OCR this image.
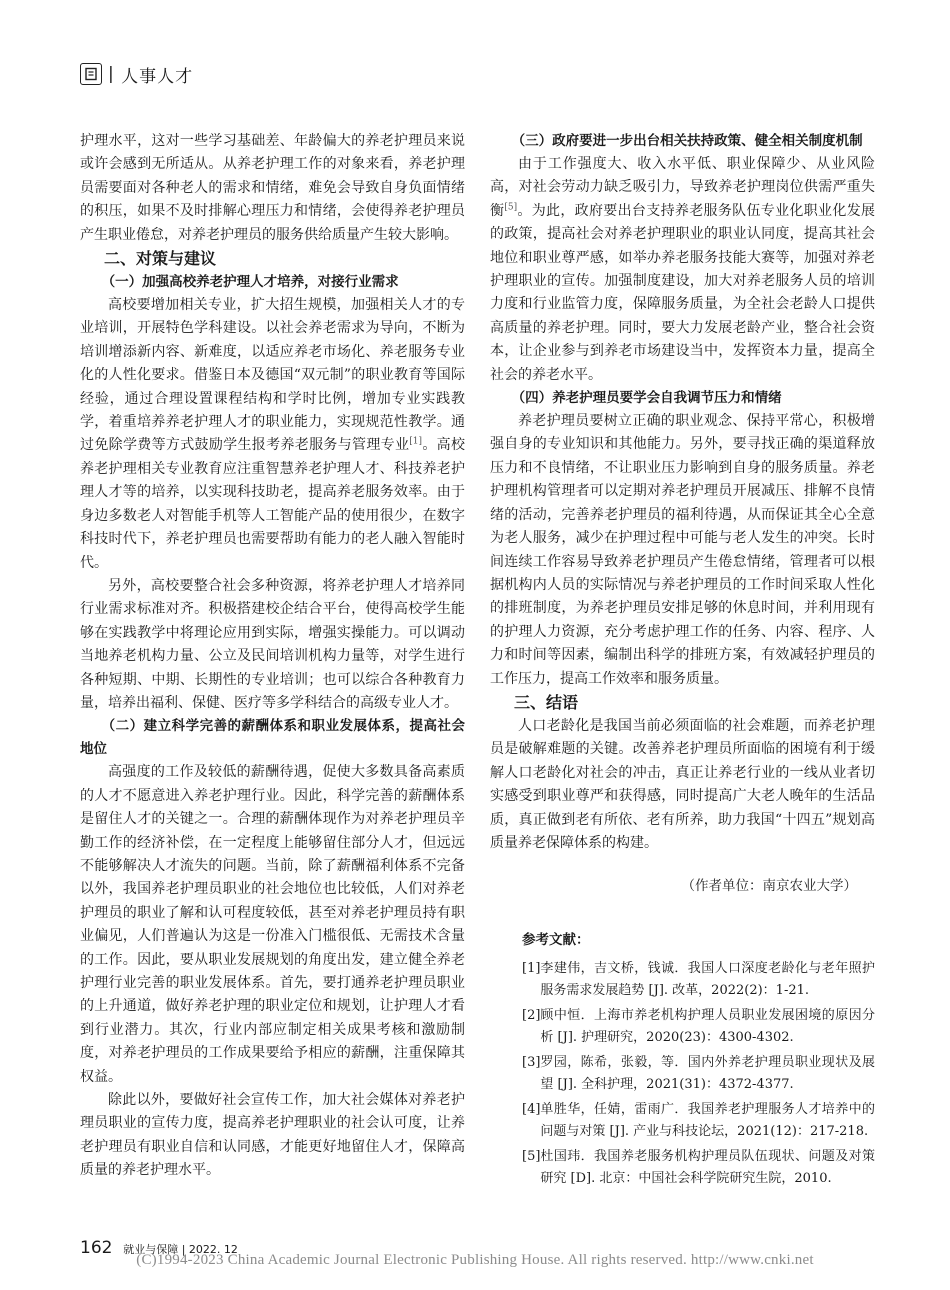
| 人事人才

护理水平，这对一些学习基础差、年龄偏大的养老护理员来说或许会感到无所适从。从养老护理工作的对象来看，养老护理员需要面对各种老人的需求和情绪，难免会导致自身负面情绪的积压，如果不及时排解心理压力和情绪，会使得养老护理员产生职业倦怠，对养老护理员的服务供给质量产生较大影响。

二、对策与建议
（一）加强高校养老护理人才培养，对接行业需求

高校要增加相关专业，扩大招生规模，加强相关人才的专业培训，开展特色学科建设。以社会养老需求为导向，不断为培训增添新内容、新难度，以适应养老市场化、养老服务专业化的人性化要求。借鉴日本及德国“双元制”的职业教育等国际经验，通过合理设置课程结构和学时比例，增加专业实践教学，着重培养养老护理人才的职业能力，实现规范性教学。通过免除学费等方式鼓励学生报考养老服务与管理专业[1]。高校养老护理相关专业教育应注重智慧养老护理人才、科技养老护理人才等的培养，以实现科技助老，提高养老服务效率。由于身边多数老人对智能手机等人工智能产品的使用很少，在数字科技时代下，养老护理员也需要帮助有能力的老人融入智能时代。

另外，高校要整合社会多种资源，将养老护理人才培养同行业需求标准对齐。积极搭建校企结合平台，使得高校学生能够在实践教学中将理论应用到实际，增强实操能力。可以调动当地养老机构力量、公立及民间培训机构力量等，对学生进行各种短期、中期、长期性的专业培训；也可以综合各种教育力量，培养出福利、保健、医疗等多学科结合的高级专业人才。

（二）建立科学完善的薪酬体系和职业发展体系，提高社会地位

高强度的工作及较低的薪酬待遇，促使大多数具备高素质的人才不愿意进入养老护理行业。因此，科学完善的薪酬体系是留住人才的关键之一。合理的薪酬体现作为对养老护理员辛勤工作的经济补偿，在一定程度上能够留住部分人才，但远远不能够解决人才流失的问题。当前，除了薪酬福利体系不完备以外，我国养老护理员职业的社会地位也比较低，人们对养老护理员的职业了解和认可程度较低，甚至对养老护理员持有职业偏见，人们普遍认为这是一份准入门槛很低、无需技术含量的工作。因此，要从职业发展规划的角度出发，建立健全养老护理行业完善的职业发展体系。首先，要打通养老护理员职业的上升通道，做好养老护理的职业定位和规划，让护理人才看到行业潜力。其次，行业内部应制定相关成果考核和激励制度，对养老护理员的工作成果要给予相应的薪酬，注重保障其权益。

除此以外，要做好社会宣传工作，加大社会媒体对养老护理员职业的宣传力度，提高养老护理职业的社会认可度，让养老护理员有职业自信和认同感，才能更好地留住人才，保障高质量的养老护理水平。

（三）政府要进一步出台相关扶持政策、健全相关制度机制

由于工作强度大、收入水平低、职业保障少、从业风险高，对社会劳动力缺乏吸引力，导致养老护理岗位供需严重失衡[5]。为此，政府要出台支持养老服务队伍专业化职业化发展的政策，提高社会对养老护理职业的职业认同度，提高其社会地位和职业尊严感，如举办养老服务技能大赛等，加强对养老护理职业的宣传。加强制度建设，加大对养老服务人员的培训力度和行业监管力度，保障服务质量，为全社会老龄人口提供高质量的养老护理。同时，要大力发展老龄产业，整合社会资本，让企业参与到养老市场建设当中，发挥资本力量，提高全社会的养老水平。

（四）养老护理员要学会自我调节压力和情绪

养老护理员要树立正确的职业观念、保持平常心，积极增强自身的专业知识和其他能力。另外，要寻找正确的渠道释放压力和不良情绪，不让职业压力影响到自身的服务质量。养老护理机构管理者可以定期对养老护理员开展减压、排解不良情绪的活动，完善养老护理员的福利待遇，从而保证其全心全意为老人服务，减少在护理过程中可能与老人发生的冲突。长时间连续工作容易导致养老护理员产生倦怠情绪，管理者可以根据机构内人员的实际情况与养老护理员的工作时间采取人性化的排班制度，为养老护理员安排足够的休息时间，并利用现有的护理人力资源，充分考虑护理工作的任务、内容、程序、人力和时间等因素，编制出科学的排班方案，有效减轻护理员的工作压力，提高工作效率和服务质量。

三、结语

人口老龄化是我国当前必须面临的社会难题，而养老护理员是破解难题的关键。改善养老护理员所面临的困境有利于缓解人口老龄化对社会的冲击，真正让养老行业的一线从业者切实感受到职业尊严和获得感，同时提高广大老人晚年的生活品质，真正做到老有所依、老有所养，助力我国“十四五”规划高质量养老保障体系的构建。

（作者单位：南京农业大学）

参考文献：
[1] 李建伟，吉文桥，钱诚．我国人口深度老龄化与老年照护服务需求发展趋势 [J]. 改革，2022(2)：1-21.
[2] 顾中恒．上海市养老机构护理人员职业发展困境的原因分析 [J]. 护理研究，2020(23)：4300-4302.
[3] 罗园，陈希，张毅，等．国内外养老护理员职业现状及展望 [J]. 全科护理，2021(31)：4372-4377.
[4] 单胜华，任婧，雷雨广．我国养老护理服务人才培养中的问题与对策 [J]. 产业与科技论坛，2021(12)：217-218.
[5] 杜国玮．我国养老服务机构护理员队伍现状、问题及对策研究 [D]. 北京：中国社会科学院研究生院，2010.
162 就业与保障 | 2022. 12
(C)1994-2023 China Academic Journal Electronic Publishing House. All rights reserved. http://www.cnki.net
